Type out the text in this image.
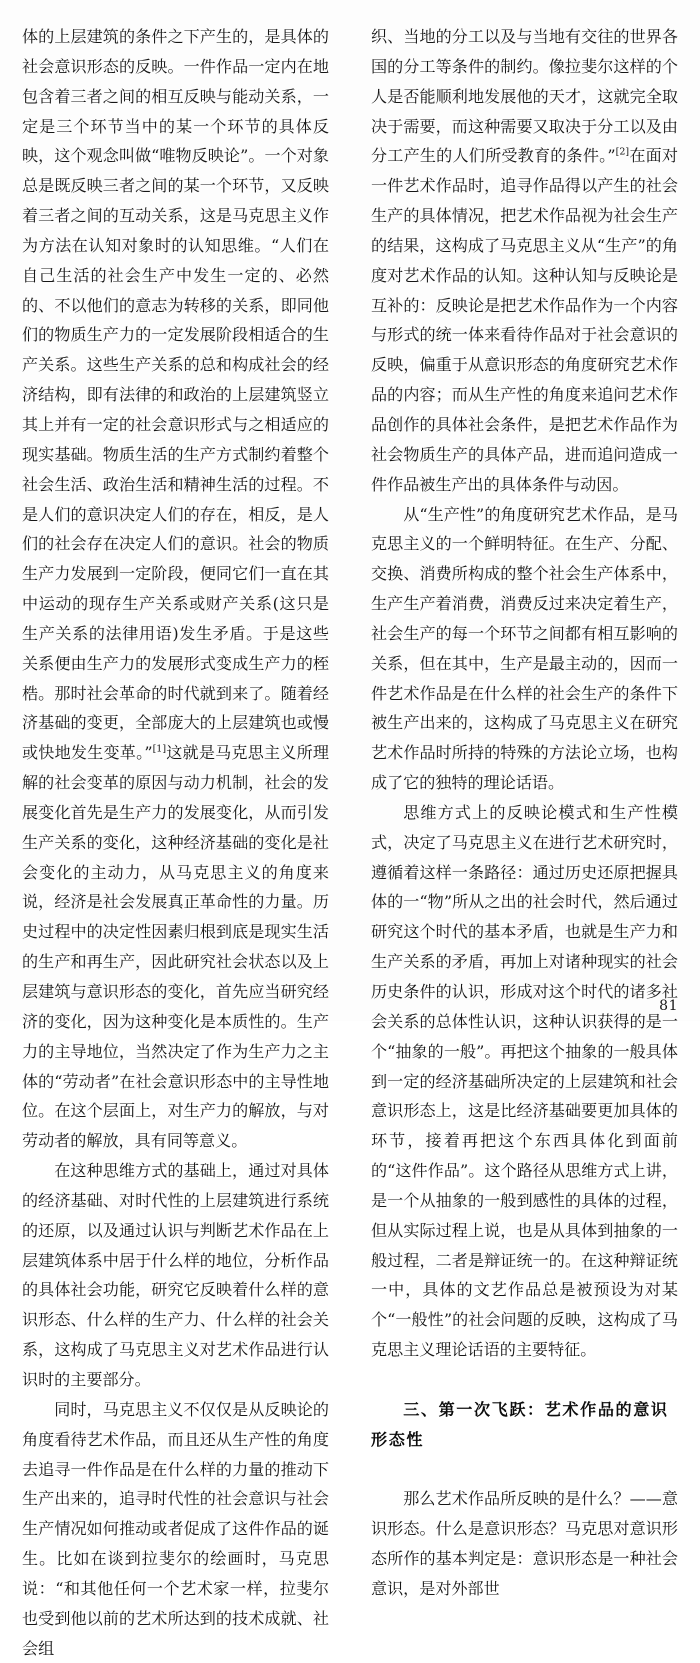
体的上层建筑的条件之下产生的，是具体的社会意识形态的反映。一件作品一定内在地包含着三者之间的相互反映与能动关系，一定是三个环节当中的某一个环节的具体反映，这个观念叫做“唯物反映论”。一个对象总是既反映三者之间的某一个环节，又反映着三者之间的互动关系，这是马克思主义作为方法在认知对象时的认知思维。“人们在自己生活的社会生产中发生一定的、必然的、不以他们的意志为转移的关系，即同他们的物质生产力的一定发展阶段相适合的生产关系。这些生产关系的总和构成社会的经济结构，即有法律的和政治的上层建筑竖立其上并有一定的社会意识形式与之相适应的现实基础。物质生活的生产方式制约着整个社会生活、政治生活和精神生活的过程。不是人们的意识决定人们的存在，相反，是人们的社会存在决定人们的意识。社会的物质生产力发展到一定阶段，便同它们一直在其中运动的现存生产关系或财产关系(这只是生产关系的法律用语)发生矛盾。于是这些关系便由生产力的发展形式变成生产力的桎梏。那时社会革命的时代就到来了。随着经济基础的变更，全部庞大的上层建筑也或慢或快地发生变革。”[1]这就是马克思主义所理解的社会变革的原因与动力机制，社会的发展变化首先是生产力的发展变化，从而引发生产关系的变化，这种经济基础的变化是社会变化的主动力，从马克思主义的角度来说，经济是社会发展真正革命性的力量。历史过程中的决定性因素归根到底是现实生活的生产和再生产，因此研究社会状态以及上层建筑与意识形态的变化，首先应当研究经济的变化，因为这种变化是本质性的。生产力的主导地位，当然决定了作为生产力之主体的“劳动者”在社会意识形态中的主导性地位。在这个层面上，对生产力的解放，与对劳动者的解放，具有同等意义。

在这种思维方式的基础上，通过对具体的经济基础、对时代性的上层建筑进行系统的还原，以及通过认识与判断艺术作品在上层建筑体系中居于什么样的地位，分析作品的具体社会功能，研究它反映着什么样的意识形态、什么样的生产力、什么样的社会关系，这构成了马克思主义对艺术作品进行认识时的主要部分。

同时，马克思主义不仅仅是从反映论的角度看待艺术作品，而且还从生产性的角度去追寻一件作品是在什么样的力量的推动下生产出来的，追寻时代性的社会意识与社会生产情况如何推动或者促成了这件作品的诞生。比如在谈到拉斐尔的绘画时，马克思说：“和其他任何一个艺术家一样，拉斐尔也受到他以前的艺术所达到的技术成就、社会组

织、当地的分工以及与当地有交往的世界各国的分工等条件的制约。像拉斐尔这样的个人是否能顺利地发展他的天才，这就完全取决于需要，而这种需要又取决于分工以及由分工产生的人们所受教育的条件。”[2]在面对一件艺术作品时，追寻作品得以产生的社会生产的具体情况，把艺术作品视为社会生产的结果，这构成了马克思主义从“生产”的角度对艺术作品的认知。这种认知与反映论是互补的：反映论是把艺术作品作为一个内容与形式的统一体来看待作品对于社会意识的反映，偏重于从意识形态的角度研究艺术作品的内容；而从生产性的角度来追问艺术作品创作的具体社会条件，是把艺术作品作为社会物质生产的具体产品，进而追问造成一件作品被生产出的具体条件与动因。

从“生产性”的角度研究艺术作品，是马克思主义的一个鲜明特征。在生产、分配、交换、消费所构成的整个社会生产体系中，生产生产着消费，消费反过来决定着生产，社会生产的每一个环节之间都有相互影响的关系，但在其中，生产是最主动的，因而一件艺术作品是在什么样的社会生产的条件下被生产出来的，这构成了马克思主义在研究艺术作品时所持的特殊的方法论立场，也构成了它的独特的理论话语。

思维方式上的反映论模式和生产性模式，决定了马克思主义在进行艺术研究时，遵循着这样一条路径：通过历史还原把握具体的一“物”所从之出的社会时代，然后通过研究这个时代的基本矛盾，也就是生产力和生产关系的矛盾，再加上对诸种现实的社会历史条件的认识，形成对这个时代的诸多社会关系的总体性认识，这种认识获得的是一个“抽象的一般”。再把这个抽象的一般具体到一定的经济基础所决定的上层建筑和社会意识形态上，这是比经济基础要更加具体的环节，接着再把这个东西具体化到面前的“这件作品”。这个路径从思维方式上讲，是一个从抽象的一般到感性的具体的过程，但从实际过程上说，也是从具体到抽象的一般过程，二者是辩证统一的。在这种辩证统一中，具体的文艺作品总是被预设为对某个“一般性”的社会问题的反映，这构成了马克思主义理论话语的主要特征。

三、第一次飞跃：艺术作品的意识形态性

那么艺术作品所反映的是什么？——意识形态。什么是意识形态？马克思对意识形态所作的基本判定是：意识形态是一种社会意识，是对外部世

81
